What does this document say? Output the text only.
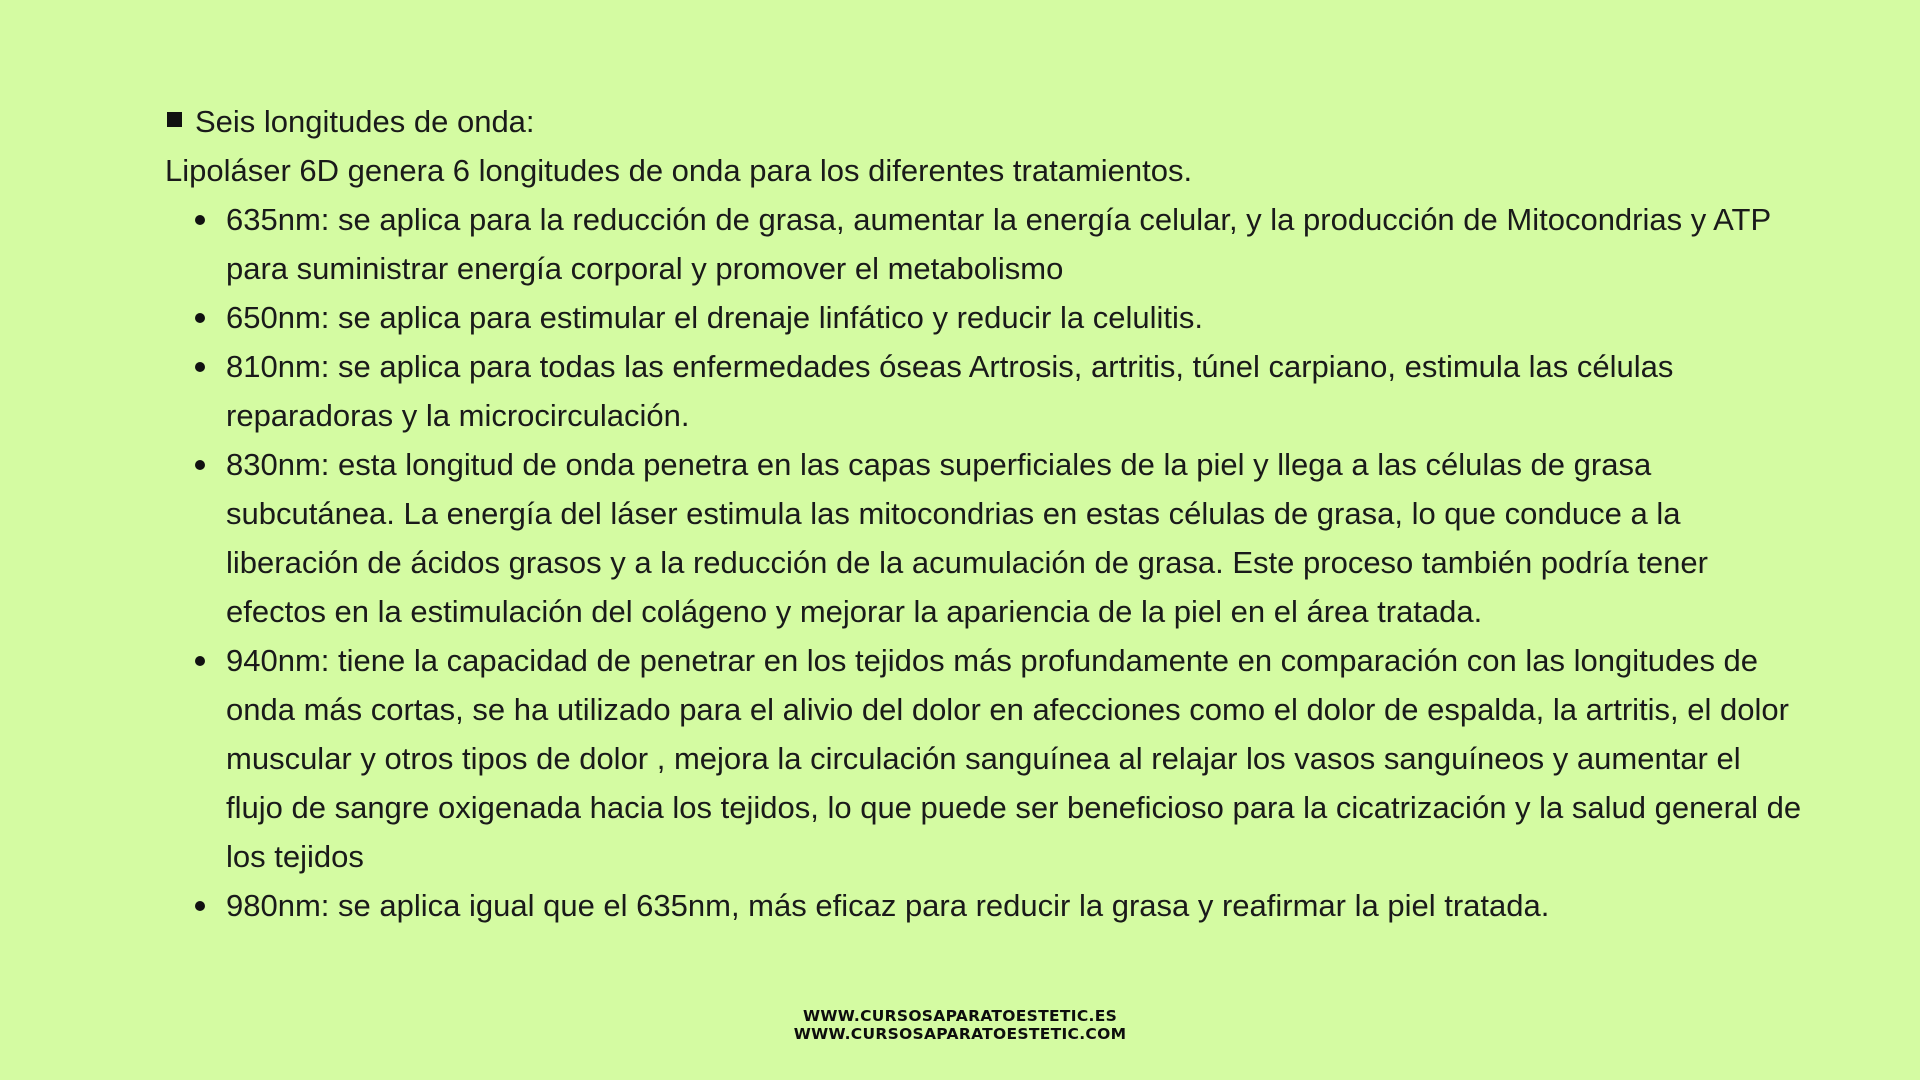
Seis longitudes de onda:

Lipoláser 6D genera 6 longitudes de onda para los diferentes tratamientos.

635nm: se aplica para la reducción de grasa, aumentar la energía celular, y la producción de Mitocondrias y ATP para suministrar energía corporal y promover el metabolismo
650nm: se aplica para estimular el drenaje linfático y reducir la celulitis.
810nm: se aplica para todas las enfermedades óseas Artrosis, artritis, túnel carpiano, estimula las células reparadoras y la microcirculación.
830nm: esta longitud de onda penetra en las capas superficiales de la piel y llega a las células de grasa subcutánea. La energía del láser estimula las mitocondrias en estas células de grasa, lo que conduce a la liberación de ácidos grasos y a la reducción de la acumulación de grasa. Este proceso también podría tener efectos en la estimulación del colágeno y mejorar la apariencia de la piel en el área tratada.
940nm: tiene la capacidad de penetrar en los tejidos más profundamente en comparación con las longitudes de onda más cortas, se ha utilizado para el alivio del dolor en afecciones como el dolor de espalda, la artritis, el dolor muscular y otros tipos de dolor , mejora la circulación sanguínea al relajar los vasos sanguíneos y aumentar el flujo de sangre oxigenada hacia los tejidos, lo que puede ser beneficioso para la cicatrización y la salud general de los tejidos
980nm: se aplica igual que el 635nm, más eficaz para reducir la grasa y reafirmar la piel tratada.
WWW.CURSOSAPARATOESTETIC.ES
WWW.CURSOSAPARATOESTETIC.COM
